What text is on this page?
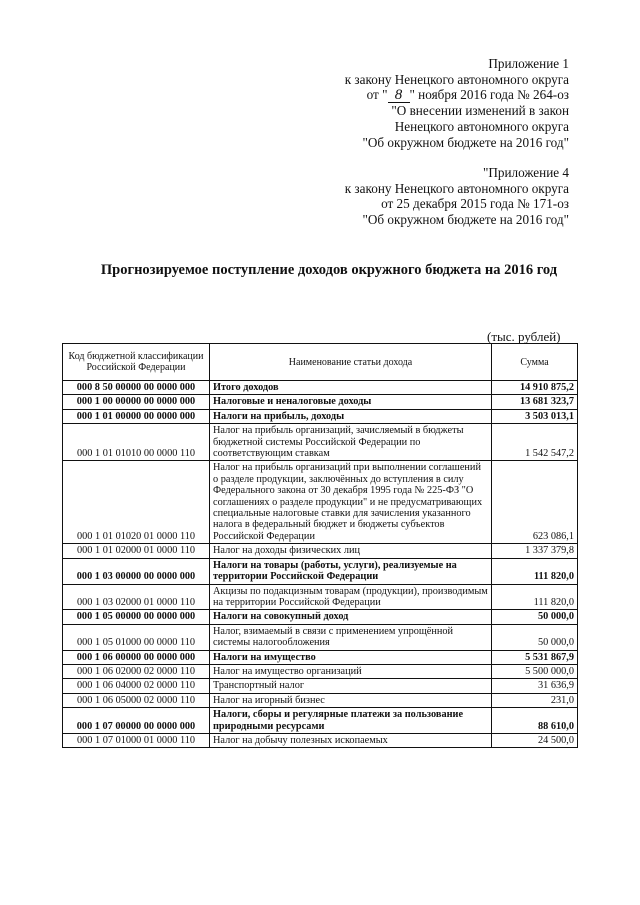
Приложение 1
к закону Ненецкого автономного округа
от " 8 " ноября 2016 года № 264-оз
"О внесении изменений в закон
Ненецкого автономного округа
"Об окружном бюджете на 2016 год"
"Приложение 4
к закону Ненецкого автономного округа
от 25 декабря 2015 года № 171-оз
"Об окружном бюджете на 2016 год"
Прогнозируемое поступление доходов окружного бюджета на 2016 год
(тыс. рублей)
Код бюджетной классификации Российской Федерации	Наименование статьи дохода	Сумма
000 8 50 00000 00 0000 000	Итого доходов	14 910 875,2
000 1 00 00000 00 0000 000	Налоговые и неналоговые доходы	13 681 323,7
000 1 01 00000 00 0000 000	Налоги на прибыль, доходы	3 503 013,1
000 1 01 01010 00 0000 110	Налог на прибыль организаций, зачисляемый в бюджеты бюджетной системы Российской Федерации по соответствующим ставкам	1 542 547,2
000 1 01 01020 01 0000 110	Налог на прибыль организаций при выполнении соглашений о разделе продукции, заключённых до вступления в силу Федерального закона от 30 декабря 1995 года № 225-ФЗ "О соглашениях о разделе продукции" и не предусматривающих специальные налоговые ставки для зачисления указанного налога в федеральный бюджет и бюджеты субъектов Российской Федерации	623 086,1
000 1 01 02000 01 0000 110	Налог на доходы физических лиц	1 337 379,8
000 1 03 00000 00 0000 000	Налоги на товары (работы, услуги), реализуемые на территории Российской Федерации	111 820,0
000 1 03 02000 01 0000 110	Акцизы по подакцизным товарам (продукции), производимым на территории Российской Федерации	111 820,0
000 1 05 00000 00 0000 000	Налоги на совокупный доход	50 000,0
000 1 05 01000 00 0000 110	Налог, взимаемый в связи с применением упрощённой системы налогообложения	50 000,0
000 1 06 00000 00 0000 000	Налоги на имущество	5 531 867,9
000 1 06 02000 02 0000 110	Налог на имущество организаций	5 500 000,0
000 1 06 04000 02 0000 110	Транспортный налог	31 636,9
000 1 06 05000 02 0000 110	Налог на игорный бизнес	231,0
000 1 07 00000 00 0000 000	Налоги, сборы и регулярные платежи за пользование природными ресурсами	88 610,0
000 1 07 01000 01 0000 110	Налог на добычу полезных ископаемых	24 500,0
